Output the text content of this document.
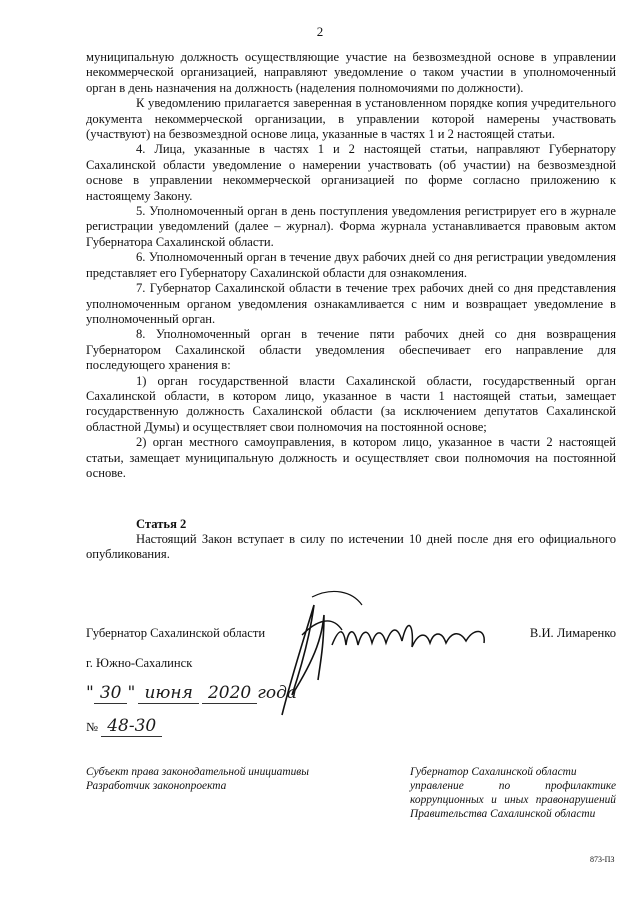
2

муниципальную должность осуществляющие участие на безвозмездной основе в управлении некоммерческой организацией, направляют уведомление о таком участии в уполномоченный орган в день назначения на должность (наделения полномочиями по должности).

К уведомлению прилагается заверенная в установленном порядке копия учредительного документа некоммерческой организации, в управлении которой намерены участвовать (участвуют) на безвозмездной основе лица, указанные в частях 1 и 2 настоящей статьи.

4. Лица, указанные в частях 1 и 2 настоящей статьи, направляют Губернатору Сахалинской области уведомление о намерении участвовать (об участии) на безвозмездной основе в управлении некоммерческой организацией по форме согласно приложению к настоящему Закону.

5. Уполномоченный орган в день поступления уведомления регистрирует его в журнале регистрации уведомлений (далее – журнал). Форма журнала устанавливается правовым актом Губернатора Сахалинской области.

6. Уполномоченный орган в течение двух рабочих дней со дня регистрации уведомления представляет его Губернатору Сахалинской области для ознакомления.

7. Губернатор Сахалинской области в течение трех рабочих дней со дня представления уполномоченным органом уведомления ознакамливается с ним и возвращает уведомление в уполномоченный орган.

8. Уполномоченный орган в течение пяти рабочих дней со дня возвращения Губернатором Сахалинской области уведомления обеспечивает его направление для последующего хранения в:

1) орган государственной власти Сахалинской области, государственный орган Сахалинской области, в котором лицо, указанное в части 1 настоящей статьи, замещает государственную должность Сахалинской области (за исключением депутатов Сахалинской областной Думы) и осуществляет свои полномочия на постоянной основе;

2) орган местного самоуправления, в котором лицо, указанное в части 2 настоящей статьи, замещает муниципальную должность и осуществляет свои полномочия на постоянной основе.

Статья 2
Настоящий Закон вступает в силу по истечении 10 дней после дня его официального опубликования.
Губернатор Сахалинской области	В.И. Лимаренко
г. Южно-Сахалинск
" 30 " июня 2020 года
№ 48-30
Субъект права законодательной инициативы
Разработчик законопроекта
Губернатор Сахалинской области
управление по профилактике коррупционных и иных правонарушений Правительства Сахалинской области
873-ПЗ
